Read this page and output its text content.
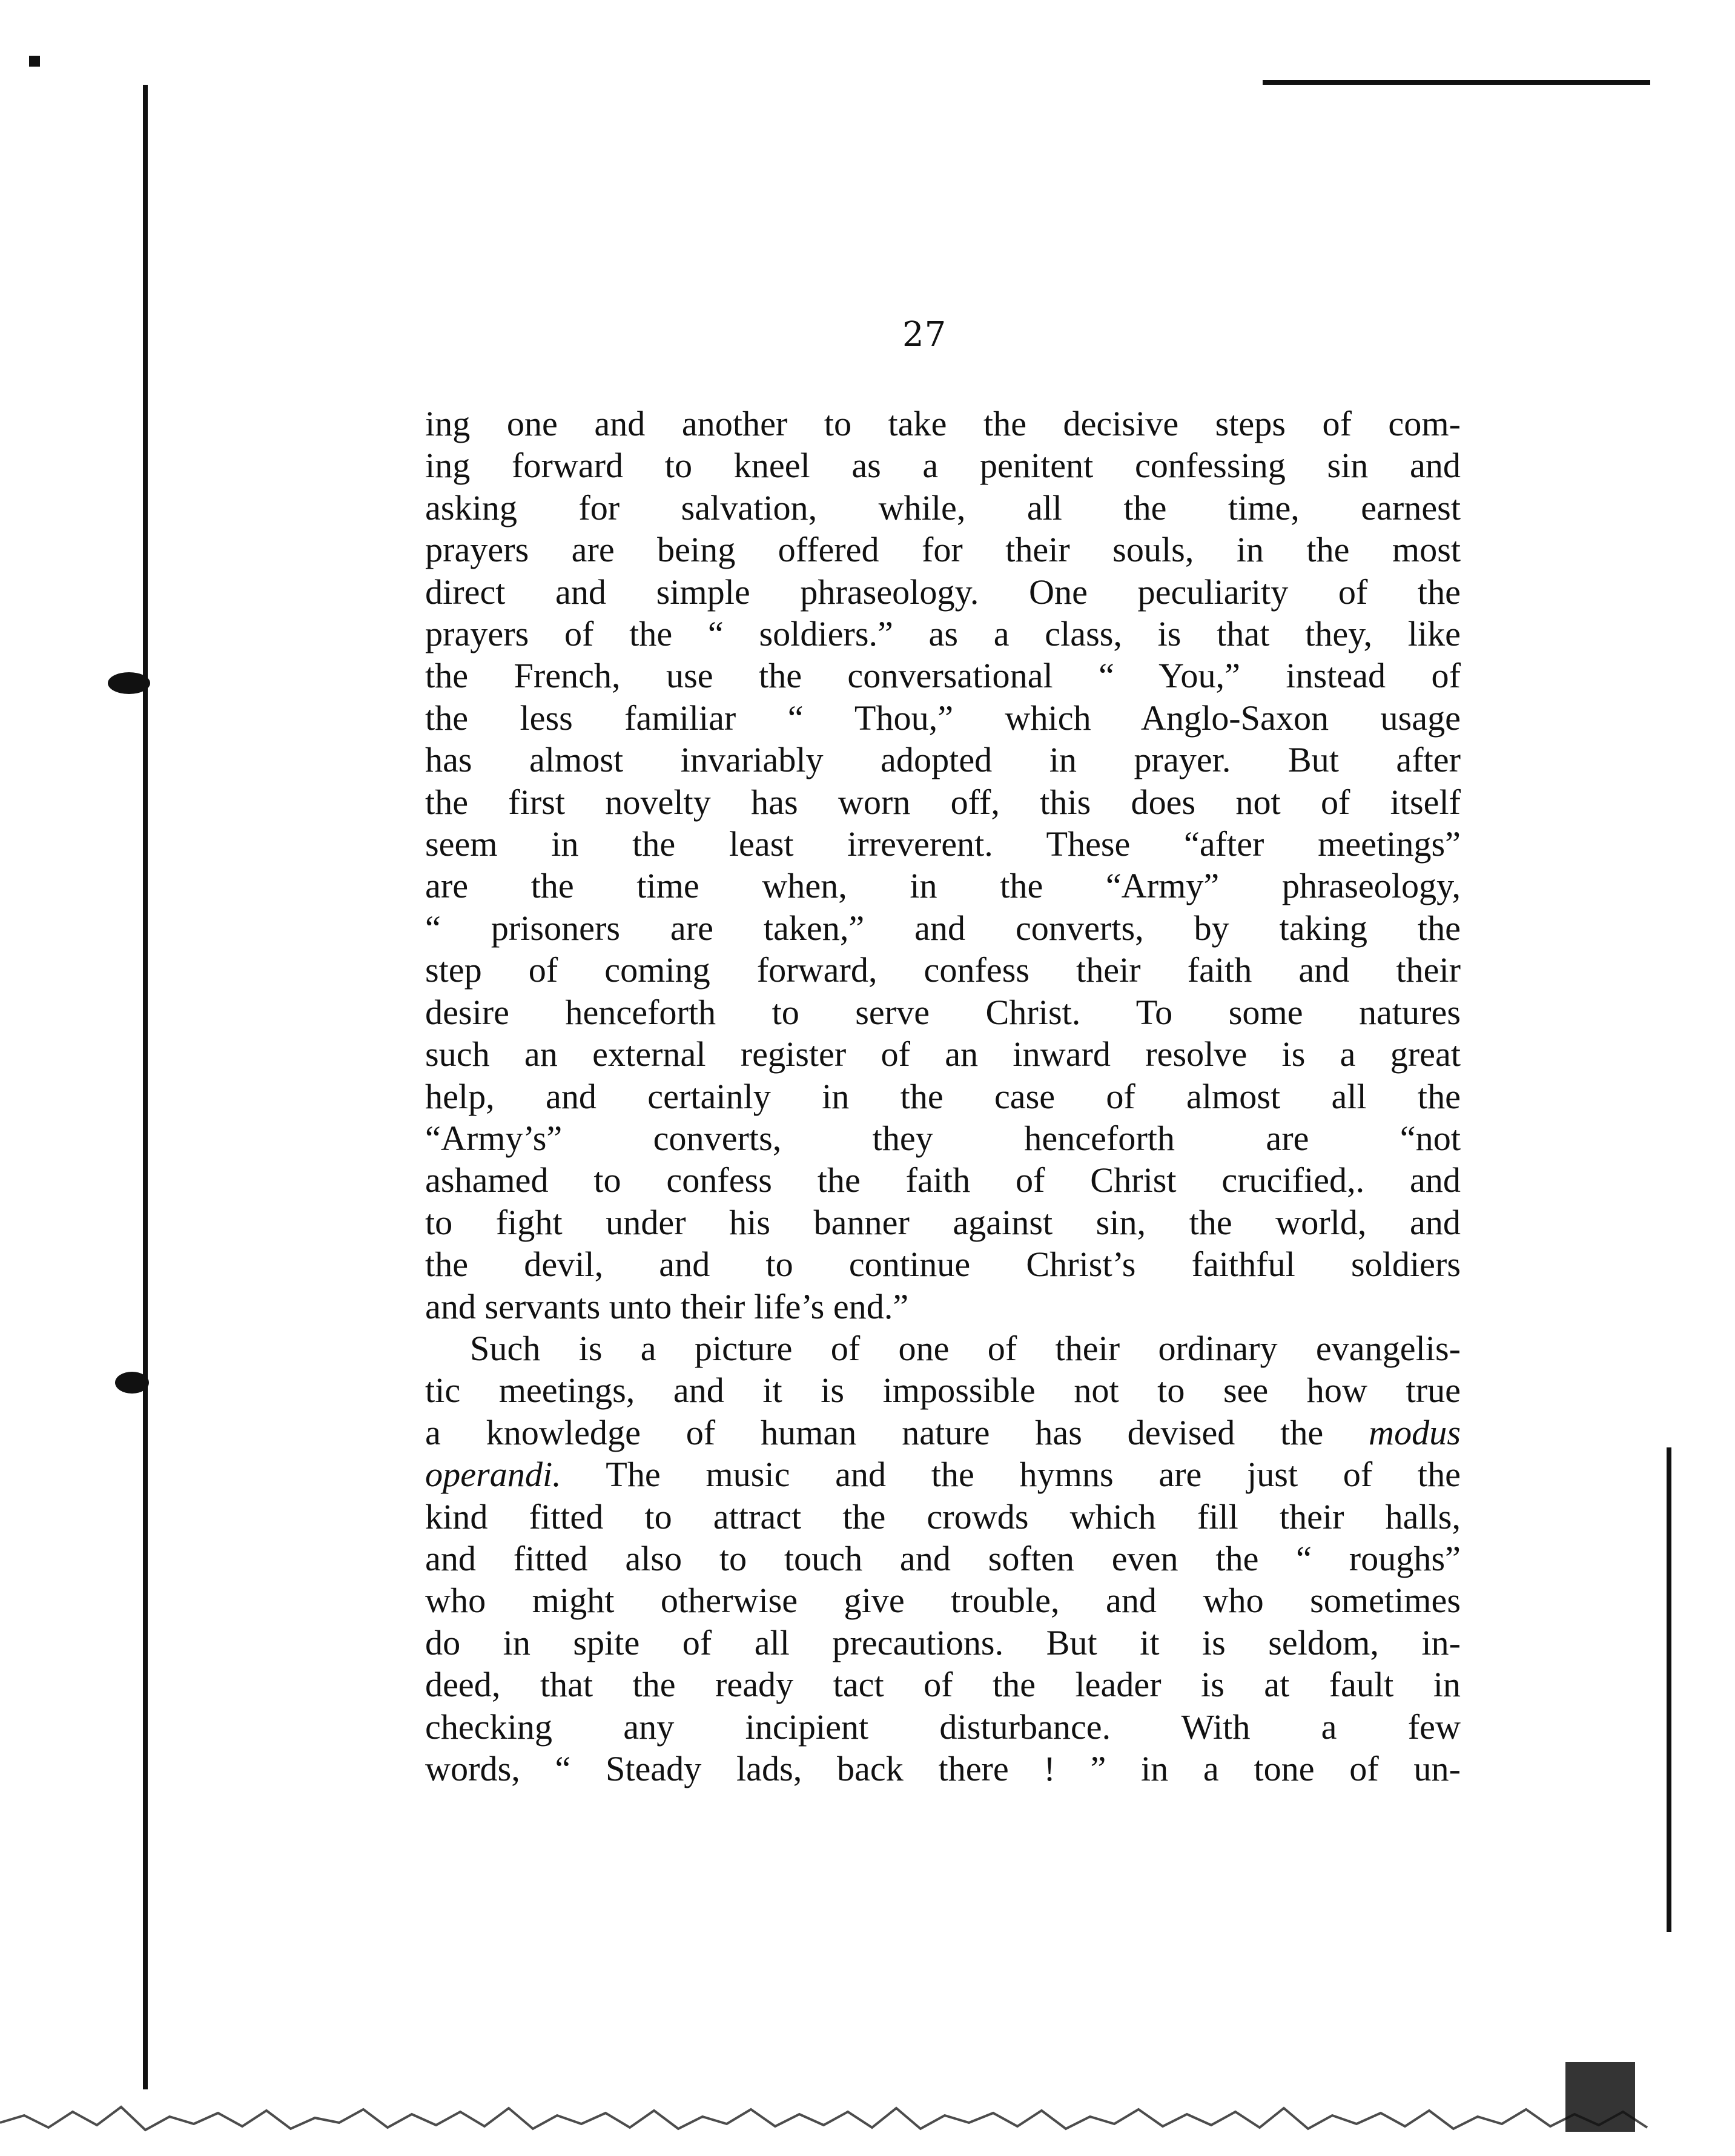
27
ing one and another to take the decisive steps of com-
ing forward to kneel as a penitent confessing sin and
asking for salvation, while, all the time, earnest
prayers are being offered for their souls, in the most
direct and simple phraseology. One peculiarity of the
prayers of the “ soldiers.” as a class, is that they, like
the French, use the conversational “ You,” instead of
the less familiar “ Thou,” which Anglo-Saxon usage
has almost invariably adopted in prayer. But after
the first novelty has worn off, this does not of itself
seem in the least irreverent. These “after meetings”
are the time when, in the “Army” phraseology,
“ prisoners are taken,” and converts, by taking the
step of coming forward, confess their faith and their
desire henceforth to serve Christ. To some natures
such an external register of an inward resolve is a great
help, and certainly in the case of almost all the
“Army’s” converts, they henceforth are “not
ashamed to confess the faith of Christ crucified,. and
to fight under his banner against sin, the world, and
the devil, and to continue Christ’s faithful soldiers
and servants unto their life’s end.”
Such is a picture of one of their ordinary evangelis-
tic meetings, and it is impossible not to see how true
a knowledge of human nature has devised the modus
operandi. The music and the hymns are just of the
kind fitted to attract the crowds which fill their halls,
and fitted also to touch and soften even the “ roughs”
who might otherwise give trouble, and who sometimes
do in spite of all precautions. But it is seldom, in-
deed, that the ready tact of the leader is at fault in
checking any incipient disturbance. With a few
words, “ Steady lads, back there ! ” in a tone of un-
